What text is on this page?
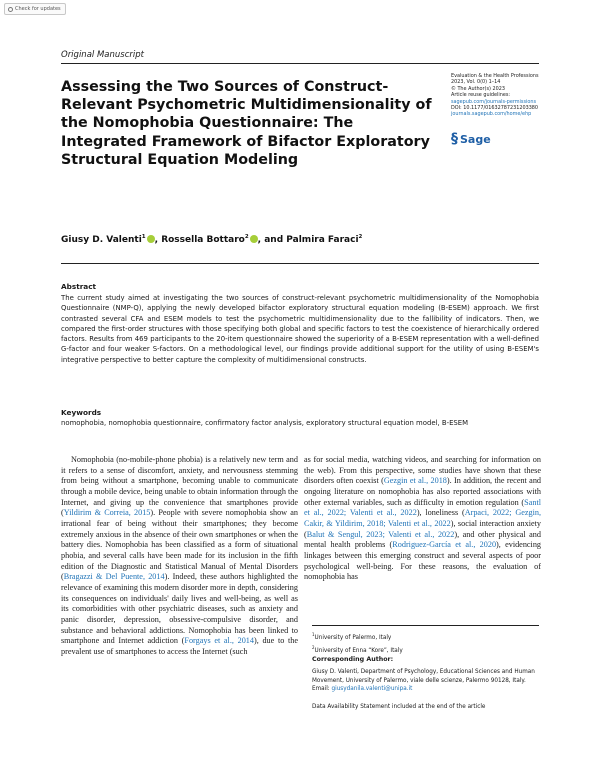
Check for updates
Original Manuscript
Assessing the Two Sources of Construct-Relevant Psychometric Multidimensionality of the Nomophobia Questionnaire: The Integrated Framework of Bifactor Exploratory Structural Equation Modeling
Evaluation & the Health Professions
2023, Vol. 0(0) 1–14
© The Author(s) 2023
Article reuse guidelines:
sagepub.com/journals-permissions
DOI: 10.1177/01632787231203380
journals.sagepub.com/home/ehp
§ Sage
Giusy D. Valenti$^1$ , Rossella Bottaro$^2$ , and Palmira Faraci$^2$
Abstract
The current study aimed at investigating the two sources of construct-relevant psychometric multidimensionality of the Nomophobia Questionnaire (NMP-Q), applying the newly developed bifactor exploratory structural equation modeling (B-ESEM) approach. We first contrasted several CFA and ESEM models to test the psychometric multidimensionality due to the fallibility of indicators. Then, we compared the first-order structures with those specifying both global and specific factors to test the coexistence of hierarchically ordered factors. Results from 469 participants to the 20-item questionnaire showed the superiority of a B-ESEM representation with a well-defined G-factor and four weaker S-factors. On a methodological level, our findings provide additional support for the utility of using B-ESEM's integrative perspective to better capture the complexity of multidimensional constructs.
Keywords
nomophobia, nomophobia questionnaire, confirmatory factor analysis, exploratory structural equation model, B-ESEM
Nomophobia (no-mobile-phone phobia) is a relatively new term and it refers to a sense of discomfort, anxiety, and nervousness stemming from being without a smartphone, becoming unable to communicate through a mobile device, being unable to obtain information through the Internet, and giving up the convenience that smartphones provide (Yildirim & Correia, 2015). People with severe nomophobia show an irrational fear of being without their smartphones; they become extremely anxious in the absence of their own smartphones or when the battery dies. Nomophobia has been classified as a form of situational phobia, and several calls have been made for its inclusion in the fifth edition of the Diagnostic and Statistical Manual of Mental Disorders (Bragazzi & Del Puente, 2014). Indeed, these authors highlighted the relevance of examining this modern disorder more in depth, considering its consequences on individuals' daily lives and well-being, as well as its comorbidities with other psychiatric diseases, such as anxiety and panic disorder, depression, obsessive-compulsive disorder, and substance and behavioral addictions. Nomophobia has been linked to smartphone and Internet addiction (Forgays et al., 2014), due to the prevalent use of smartphones to access the Internet (such
as for social media, watching videos, and searching for information on the web). From this perspective, some studies have shown that these disorders often coexist (Gezgin et al., 2018). In addition, the recent and ongoing literature on nomophobia has also reported associations with other external variables, such as difficulty in emotion regulation (Santl et al., 2022; Valenti et al., 2022), loneliness (Arpaci, 2022; Gezgin, Cakir, & Yildirim, 2018; Valenti et al., 2022), social interaction anxiety (Balut & Sengul, 2023; Valenti et al., 2022), and other physical and mental health problems (Rodriguez-García et al., 2020), evidencing linkages between this emerging construct and several aspects of poor psychological well-being. For these reasons, the evaluation of nomophobia has
$^1$University of Palermo, Italy
$^2$University of Enna “Kore”, Italy
Corresponding Author:
Giusy D. Valenti, Department of Psychology, Educational Sciences and Human Movement, University of Palermo, viale delle scienze, Palermo 90128, Italy.
Email: giusydanila.valenti@unipa.it
Data Availability Statement included at the end of the article
